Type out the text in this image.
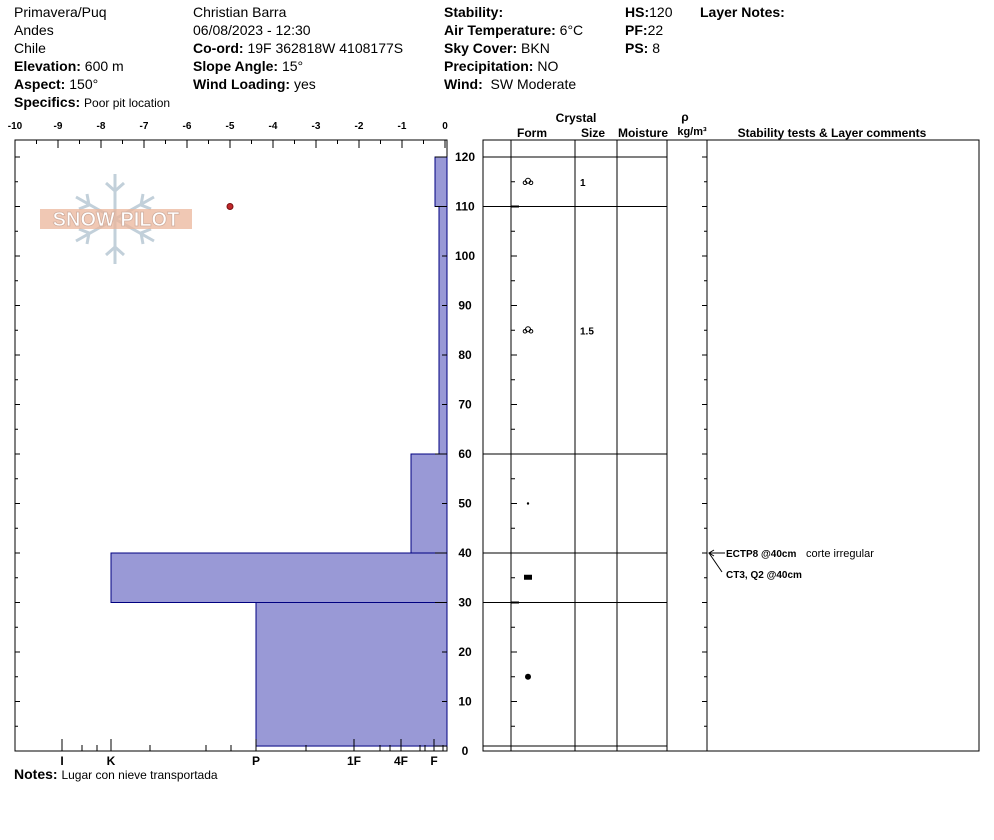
Primavera/Puq
Andes
Chile
Elevation: 600 m
Aspect: 150°
Specifics: Poor pit location
Christian Barra
06/08/2023 - 12:30
Co-ord: 19F 362818W 4108177S
Slope Angle: 15°
Wind Loading: yes
Stability:
Air Temperature: 6°C
Sky Cover: BKN
Precipitation: NO
Wind: SW Moderate
HS:120
PF:22
PS: 8
Layer Notes:
Notes: Lugar con nieve transportada
SNOW PILOT
-10	-9	-8	-7	-6	-5	-4	-3	-2	-1	0
I	K	P	1F	4F F
0
10
20
30
40
50
60
70
80
90
100
110
120
1
1.5
ECTP8 @40cm corte irregular
CT3, Q2 @40cm
Crystal
Form	Size Moisture
ρ
kg/m³	Stability tests & Layer comments
